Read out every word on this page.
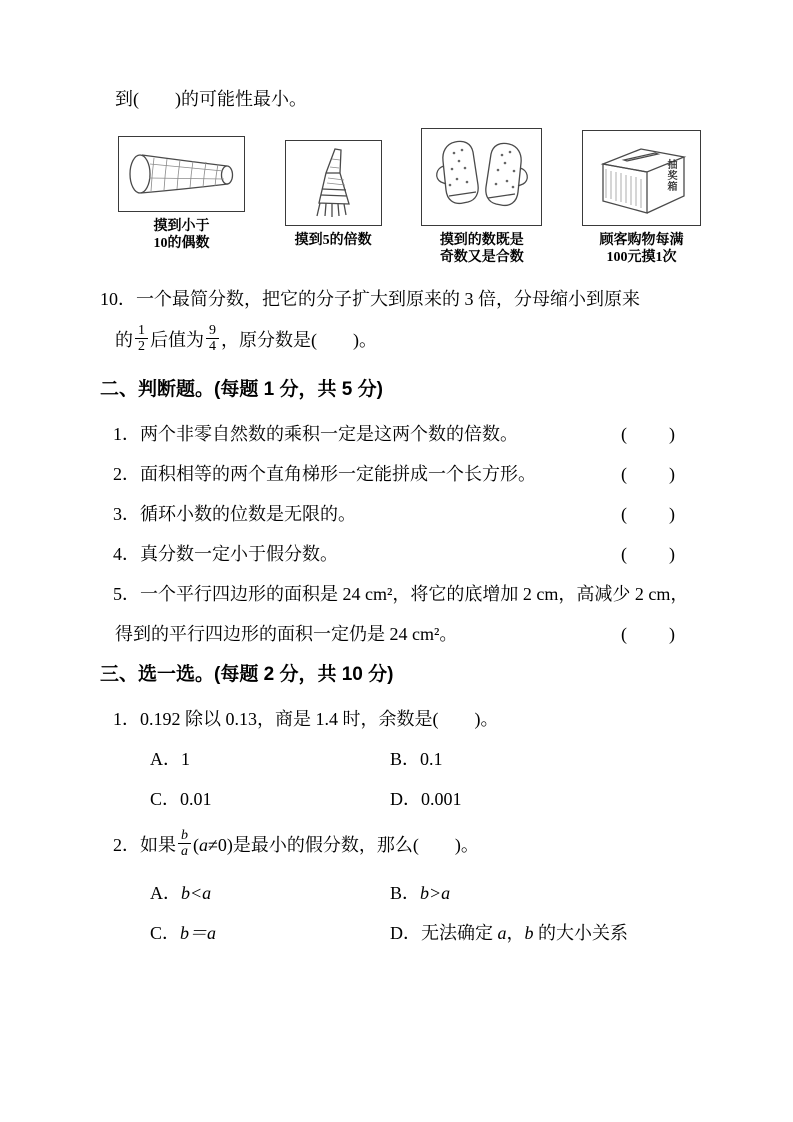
到(　　)的可能性最小。

摸到小于
10的偶数	摸到5的倍数	摸到的数既是
奇数又是合数
抽奖箱
顾客购物每满
100元摸1次

10．一个最简分数，把它的分子扩大到原来的 3 倍，分母缩小到原来

的 $\frac{1}{2}$ 后值为 $\frac{9}{4}$ ，原分数是(　　)。

二、判断题。(每题 1 分，共 5 分)
1．两个非零自然数的乘积一定是这两个数的倍数。	(　　)
2．面积相等的两个直角梯形一定能拼成一个长方形。	(　　)
3．循环小数的位数是无限的。	(　　)
4．真分数一定小于假分数。	(　　)

5．一个平行四边形的面积是 24 cm²，将它的底增加 2 cm，高减少 2 cm，

得到的平行四边形的面积一定仍是 24 cm²。	(　　)
三、选一选。(每题 2 分，共 10 分)

1．0.192 除以 0.13，商是 1.4 时，余数是(　　)。

A．1	B．0.1
C．0.01	D．0.001

2．如果 $\frac{b}{a}$ ( a ≠0)是最小的假分数，那么(　　)。

A．b<a	B．b>a
C．b＝a	D．无法确定 a，b 的大小关系
